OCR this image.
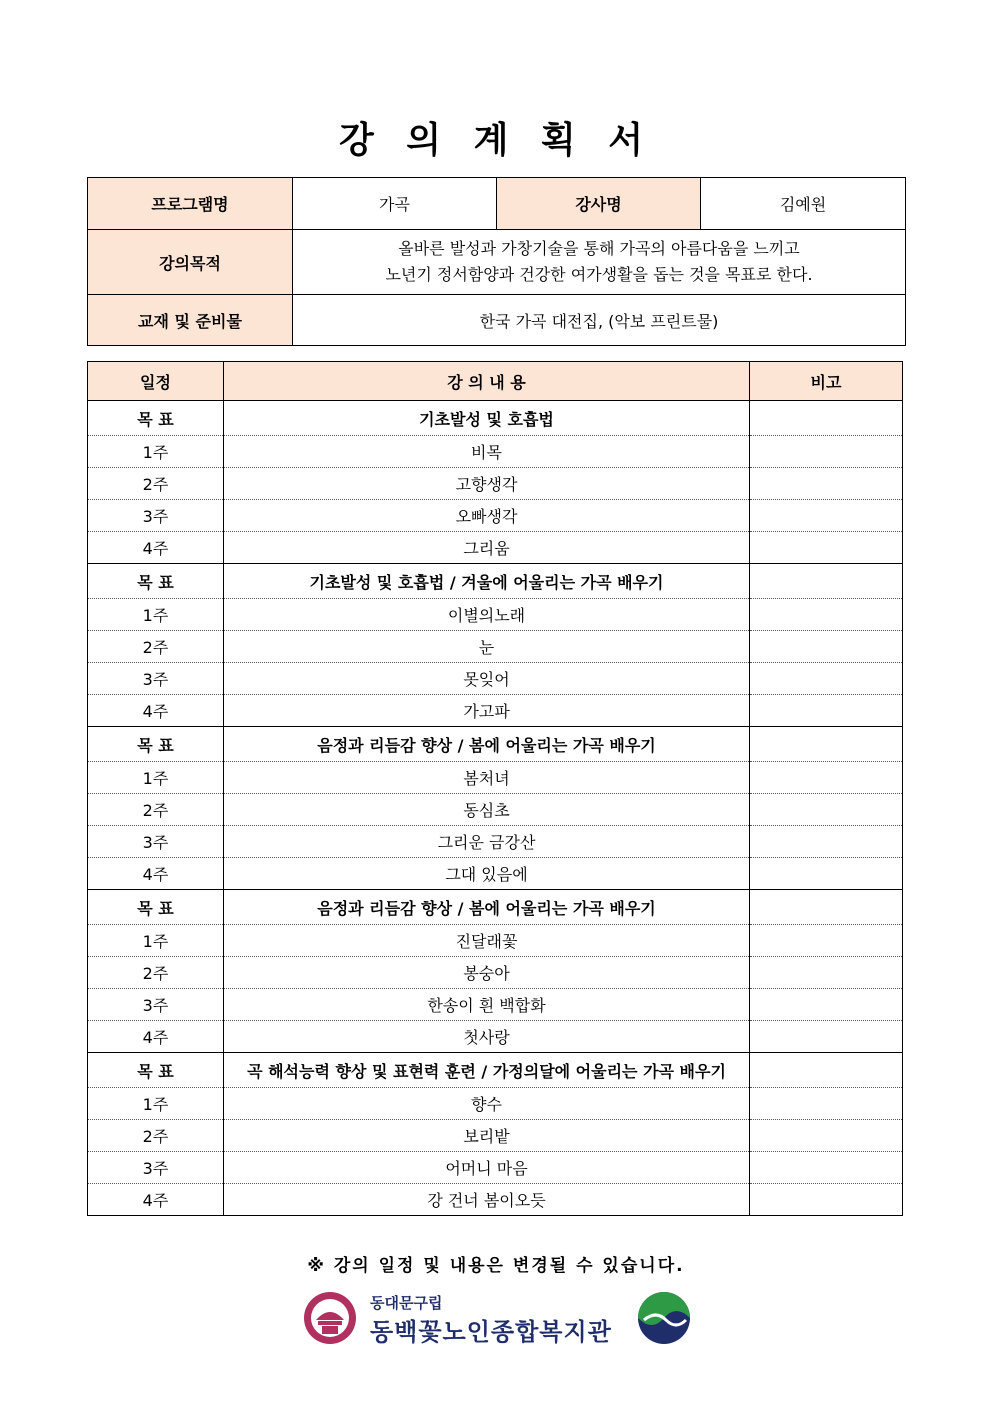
강 의 계 획 서
프로그램명	가곡	강사명	김예원
강의목적	올바른 발성과 가창기술을 통해 가곡의 아름다움을 느끼고
노년기 정서함양과 건강한 여가생활을 돕는 것을 목표로 한다.		

교재 및 준비물	한국 가곡 대전집, (악보 프린트물)		
일정	강 의 내 용	비고
목 표	기초발성 및 호흡법	
1주	비목	
2주	고향생각	
3주	오빠생각	
4주	그리움	
목 표	기초발성 및 호흡법 / 겨울에 어울리는 가곡 배우기	
1주	이별의노래	
2주	눈	
3주	못잊어	
4주	가고파	
목 표	음정과 리듬감 향상 / 봄에 어울리는 가곡 배우기	
1주	봄처녀	
2주	동심초	
3주	그리운 금강산	
4주	그대 있음에	
목 표	음정과 리듬감 향상 / 봄에 어울리는 가곡 배우기	
1주	진달래꽃	
2주	봉숭아	
3주	한송이 흰 백합화	
4주	첫사랑	
목 표	곡 해석능력 향상 및 표현력 훈련 / 가정의달에 어울리는 가곡 배우기	
1주	향수	
2주	보리밭	
3주	어머니 마음	
4주	강 건너 봄이오듯	
※ 강의 일정 및 내용은 변경될 수 있습니다.
동대문구립
동백꽃노인종합복지관
